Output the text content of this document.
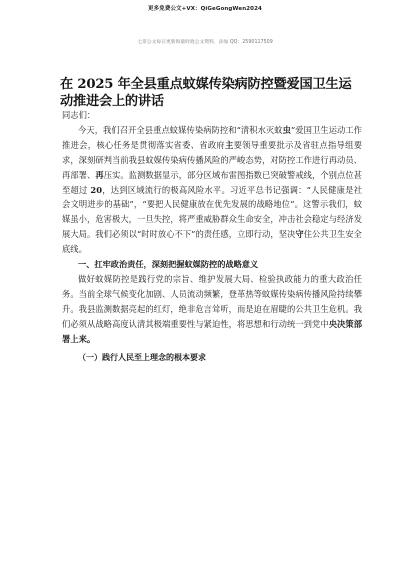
更多免费公文+VX：QiGeGongWen2024
七哥公文每日更新海量时政公文资料，添加 QQ：2590117509
在 2025 年全县重点蚊媒传染病防控暨爱国卫生运动推进会上的讲话

同志们：

今天，我们召开全县重点蚊媒传染病防控和“清积水灭蚊虫”爱国卫生运动工作推进会，核心任务是贯彻落实省委、省政府主要领导重要批示及省驻点指导组要求，深刻研判当前我县蚊媒传染病传播风险的严峻态势，对防控工作进行再动员、再部署、再压实。监测数据显示，部分区域布雷图指数已突破警戒线，个别点位甚至超过 20，达到区域流行的极高风险水平。习近平总书记强调：“人民健康是社会文明进步的基础”，“要把人民健康放在优先发展的战略地位”。这警示我们，蚊媒虽小，危害极大，一旦失控，将严重威胁群众生命安全，冲击社会稳定与经济发展大局。我们必须以“时时放心不下”的责任感，立即行动，坚决守住公共卫生安全底线。

一、扛牢政治责任，深刻把握蚊媒防控的战略意义

做好蚊媒防控是践行党的宗旨、维护发展大局、检验执政能力的重大政治任务。当前全球气候变化加剧、人员流动频繁，登革热等蚊媒传染病传播风险持续攀升。我县监测数据亮起的红灯，绝非危言耸听，而是迫在眉睫的公共卫生危机。我们必须从战略高度认清其极端重要性与紧迫性，将思想和行动统一到党中央决策部署上来。

（一）践行人民至上理念的根本要求
